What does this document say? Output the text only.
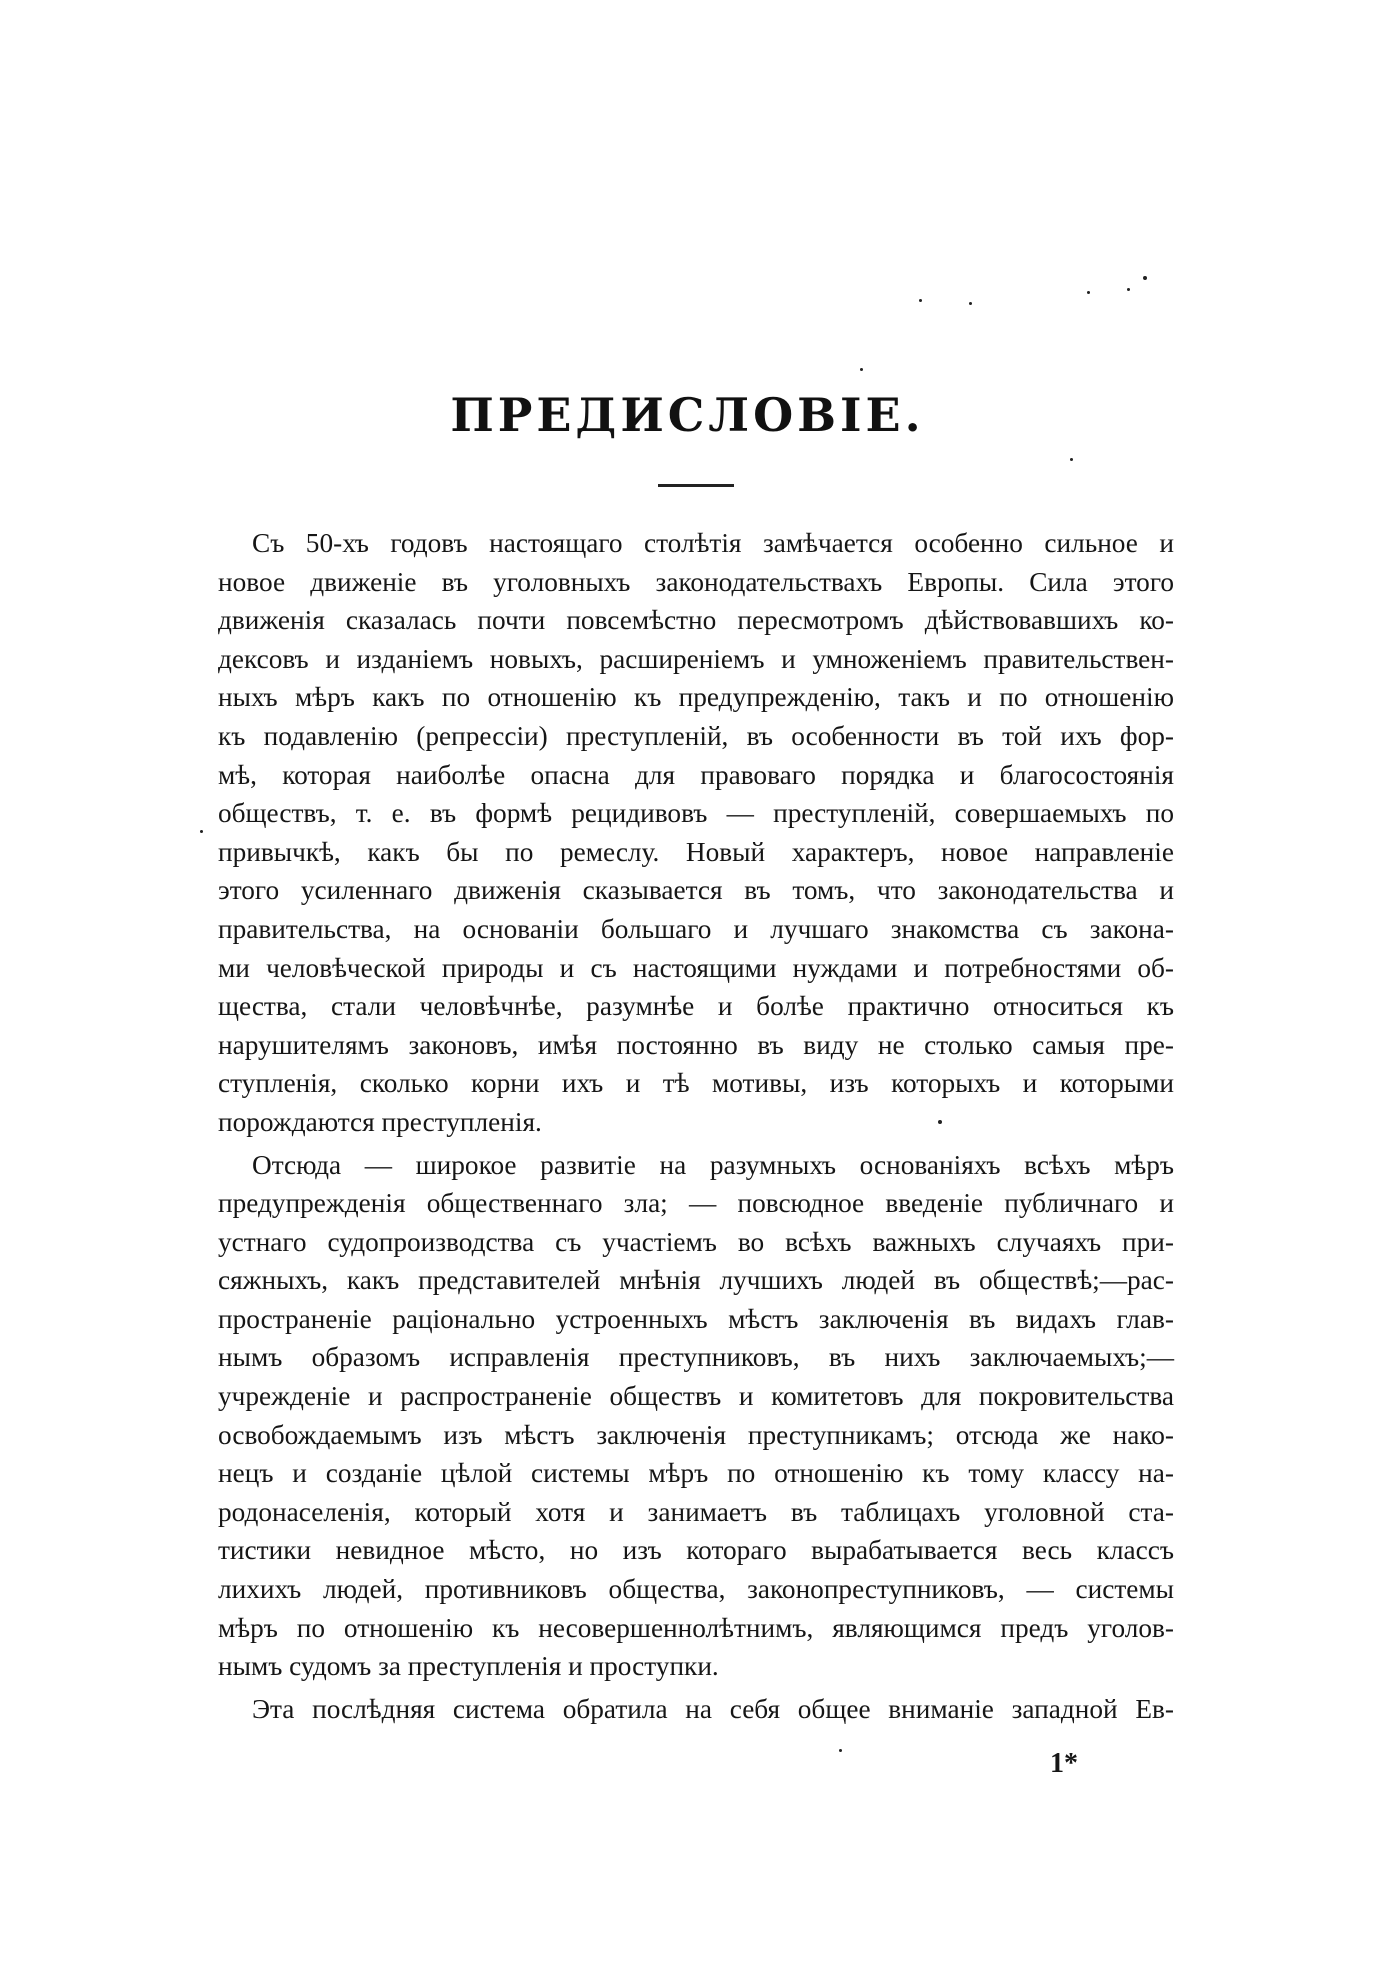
ПРЕДИСЛОВІЕ.
Съ 50-хъ годовъ настоящаго столѣтія замѣчается особенно сильное и
новое движеніе въ уголовныхъ законодательствахъ Европы. Сила этого
движенія сказалась почти повсемѣстно пересмотромъ дѣйствовавшихъ ко-
дексовъ и изданіемъ новыхъ, расширеніемъ и умноженіемъ правительствен-
ныхъ мѣръ какъ по отношенію къ предупрежденію, такъ и по отношенію
къ подавленію (репрессіи) преступленій, въ особенности въ той ихъ фор-
мѣ, которая наиболѣе опасна для правоваго порядка и благосостоянія
обществъ, т. е. въ формѣ рецидивовъ — преступленій, совершаемыхъ по
привычкѣ, какъ бы по ремеслу. Новый характеръ, новое направленіе
этого усиленнаго движенія сказывается въ томъ, что законодательства и
правительства, на основаніи большаго и лучшаго знакомства съ закона-
ми человѣческой природы и съ настоящими нуждами и потребностями об-
щества, стали человѣчнѣе, разумнѣе и болѣе практично относиться къ
нарушителямъ законовъ, имѣя постоянно въ виду не столько самыя пре-
ступленія, сколько корни ихъ и тѣ мотивы, изъ которыхъ и которыми
порождаются преступленія.
Отсюда — широкое развитіе на разумныхъ основаніяхъ всѣхъ мѣръ
предупрежденія общественнаго зла; — повсюдное введеніе публичнаго и
устнаго судопроизводства съ участіемъ во всѣхъ важныхъ случаяхъ при-
сяжныхъ, какъ представителей мнѣнія лучшихъ людей въ обществѣ;—рас-
пространеніе раціонально устроенныхъ мѣстъ заключенія въ видахъ глав-
нымъ образомъ исправленія преступниковъ, въ нихъ заключаемыхъ;—
учрежденіе и распространеніе обществъ и комитетовъ для покровительства
освобождаемымъ изъ мѣстъ заключенія преступникамъ; отсюда же нако-
нецъ и созданіе цѣлой системы мѣръ по отношенію къ тому классу на-
родонаселенія, который хотя и занимаетъ въ таблицахъ уголовной ста-
тистики невидное мѣсто, но изъ котораго вырабатывается весь классъ
лихихъ людей, противниковъ общества, законопреступниковъ, — системы
мѣръ по отношенію къ несовершеннолѣтнимъ, являющимся предъ уголов-
нымъ судомъ за преступленія и проступки.
Эта послѣдняя система обратила на себя общее вниманіе западной Ев-
1*
